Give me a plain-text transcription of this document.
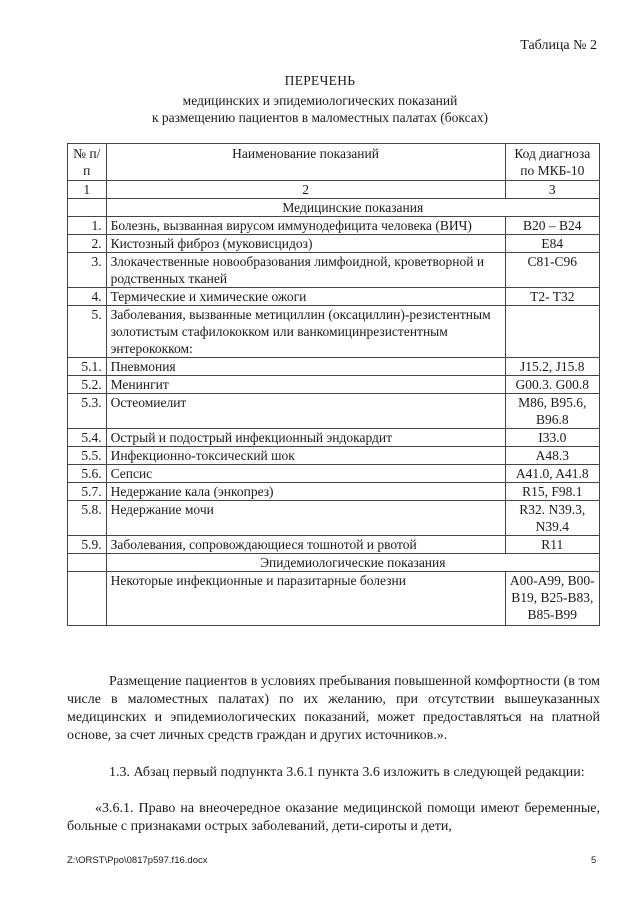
Таблица № 2
ПЕРЕЧЕНЬ
медицинских и эпидемиологических показаний
к размещению пациентов в маломестных палатах (боксах)
№ п/п	Наименование показаний	Код диагноза по МКБ-10
1	2	3
	Медицинские показания	
1.	Болезнь, вызванная вирусом иммунодефицита человека (ВИЧ)	B20 – B24
2.	Кистозный фиброз (муковисцидоз)	E84
3.	Злокачественные новообразования лимфоидной, кроветворной и родственных тканей	C81-C96
4.	Термические и химические ожоги	T2- T32
5.	Заболевания, вызванные метициллин (оксациллин)-резистентным золотистым стафилококком или ванкомицинрезистентным энтерококком:	
5.1.	Пневмония	J15.2, J15.8
5.2.	Менингит	G00.3. G00.8
5.3.	Остеомиелит	M86, B95.6, B96.8
5.4.	Острый и подострый инфекционный эндокардит	I33.0
5.5.	Инфекционно-токсический шок	A48.3
5.6.	Сепсис	A41.0, A41.8
5.7.	Недержание кала (энкопрез)	R15, F98.1
5.8.	Недержание мочи	R32. N39.3, N39.4
5.9.	Заболевания, сопровождающиеся тошнотой и рвотой	R11
	Эпидемиологические показания	
	Некоторые инфекционные и паразитарные болезни	A00-A99, B00-B19, B25-B83, B85-B99
Размещение пациентов в условиях пребывания повышенной комфортности (в том числе в маломестных палатах) по их желанию, при отсутствии вышеуказанных медицинских и эпидемиологических показаний, может предоставляться на платной основе, за счет личных средств граждан и других источников.».
1.3. Абзац первый подпункта 3.6.1 пункта 3.6 изложить в следующей редакции:
«3.6.1. Право на внеочередное оказание медицинской помощи имеют беременные, больные с признаками острых заболеваний, дети-сироты и дети,
Z:\ORST\Ppo\0817p597.f16.docx	5
